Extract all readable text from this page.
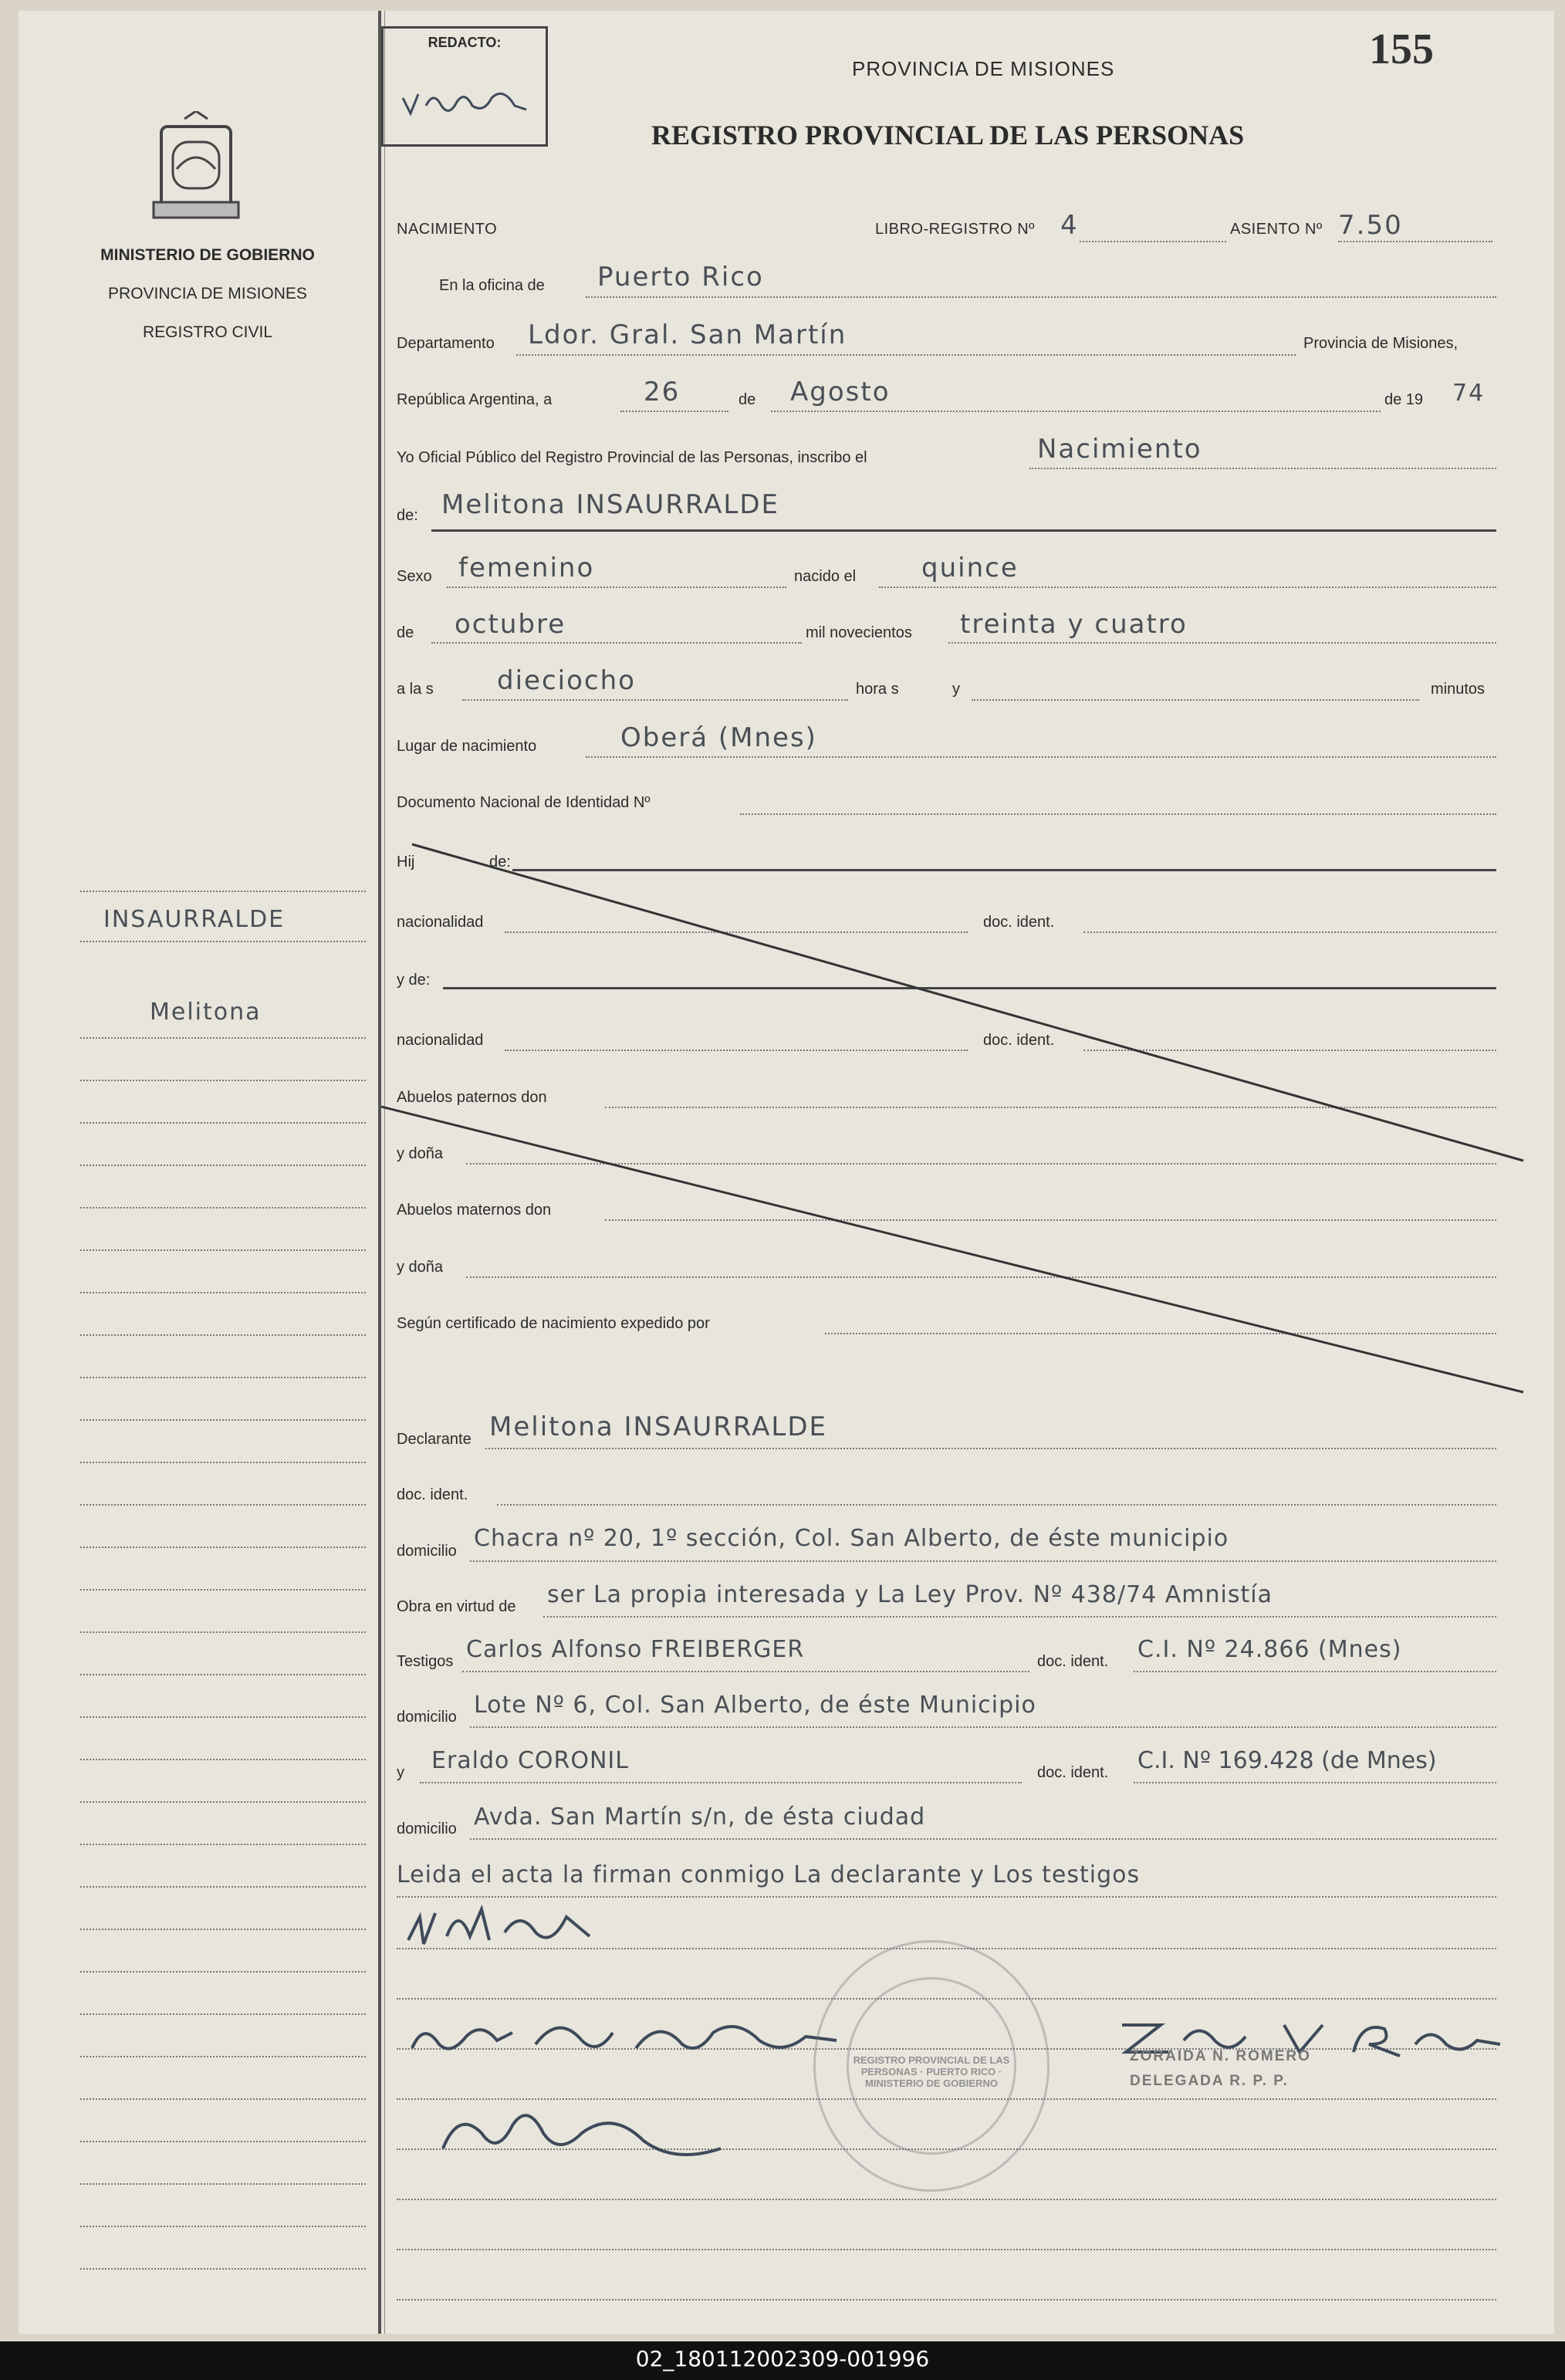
MINISTERIO DE GOBIERNO
PROVINCIA DE MISIONES
REGISTRO CIVIL
INSAURRALDE
Melitona
REDACTO:	155
PROVINCIA DE MISIONES
REGISTRO PROVINCIAL DE LAS PERSONAS
NACIMIENTO	LIBRO-REGISTRO Nº 4	ASIENTO Nº 7.50
En la oficina de Puerto Rico
Departamento Ldor. Gral. San Martín	Provincia de Misiones,
República Argentina, a	26	de Agosto	de 19 74
Yo Oficial Público del Registro Provincial de las Personas, inscribo el	Nacimiento
de: Melitona INSAURRALDE
Sexo femenino	nacido el quince
de octubre	mil novecientos treinta y cuatro
a la s dieciocho	hora s	y	minutos
Lugar de nacimiento	Oberá (Mnes)
Documento Nacional de Identidad Nº
Hij	de:
nacionalidad	doc. ident.
y de:
nacionalidad	doc. ident.
Abuelos paternos don
y doña
Abuelos maternos don
y doña
Según certificado de nacimiento expedido por
Declarante Melitona INSAURRALDE
doc. ident.
domicilio Chacra nº 20, 1º sección, Col. San Alberto, de éste municipio
Obra en virtud de ser La propia interesada y La Ley Prov. Nº 438/74 Amnistía
Testigos Carlos Alfonso FREIBERGER	doc. ident. C.I. Nº 24.866 (Mnes)
domicilio Lote Nº 6, Col. San Alberto, de éste Municipio
y Eraldo CORONIL	doc. ident. C.I. Nº 169.428 (de Mnes)
domicilio Avda. San Martín s/n, de ésta ciudad
Leida el acta la firman conmigo La declarante y Los testigos
ZORAIDA N. ROMERO
DELEGADA R. P. P.
REGISTRO PROVINCIAL DE LAS PERSONAS · PUERTO RICO · MINISTERIO DE GOBIERNO
02_180112002309-001996
